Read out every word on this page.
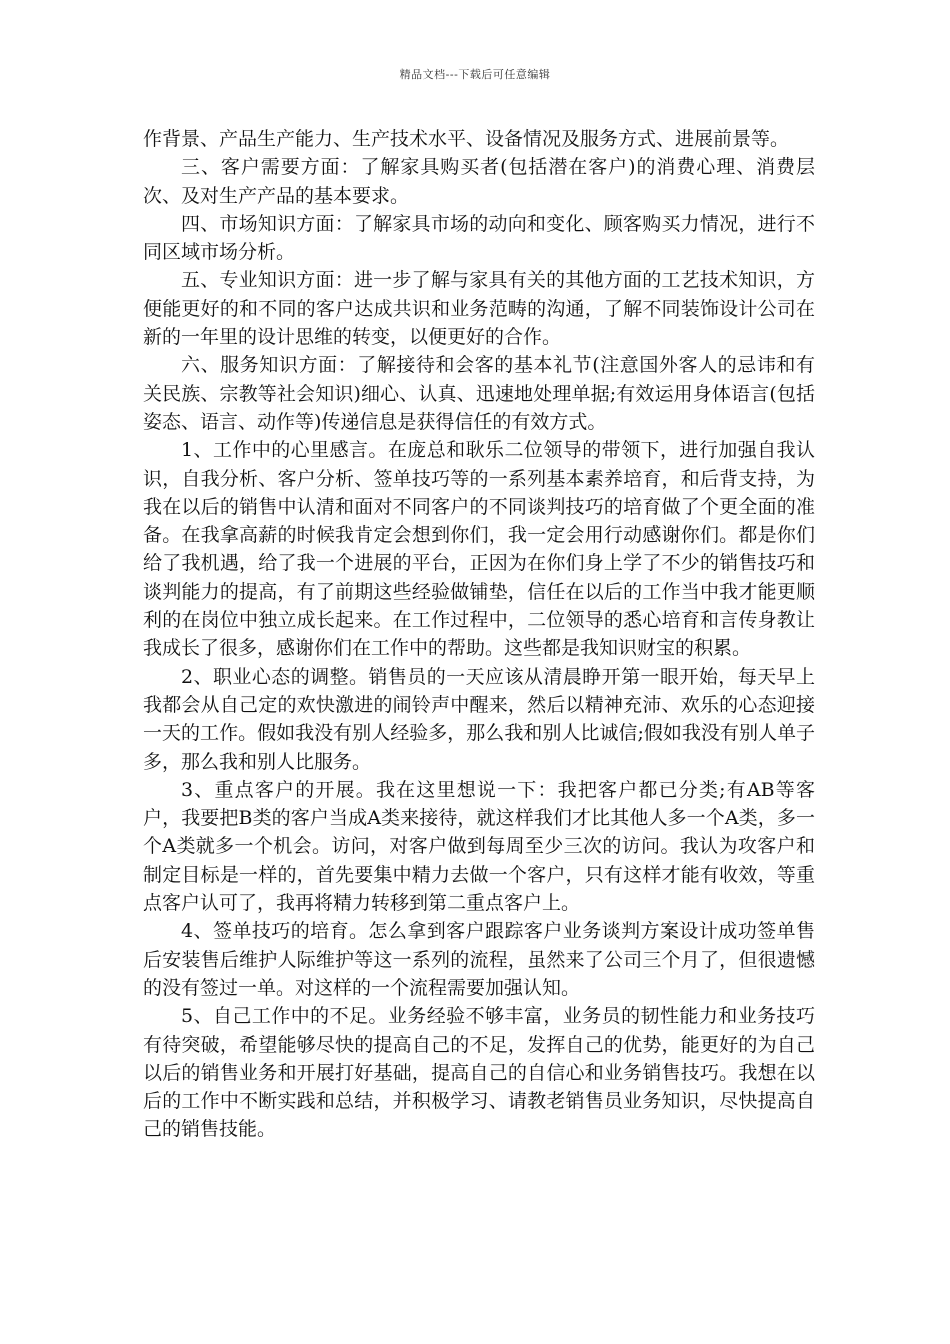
精品文档---下载后可任意编辑

作背景、产品生产能力、生产技术水平、设备情况及服务方式、进展前景等。

三、客户需要方面：了解家具购买者(包括潜在客户)的消费心理、消费层次、及对生产产品的基本要求。

四、市场知识方面：了解家具市场的动向和变化、顾客购买力情况，进行不同区域市场分析。

五、专业知识方面：进一步了解与家具有关的其他方面的工艺技术知识，方便能更好的和不同的客户达成共识和业务范畴的沟通，了解不同装饰设计公司在新的一年里的设计思维的转变，以便更好的合作。

六、服务知识方面：了解接待和会客的基本礼节(注意国外客人的忌讳和有关民族、宗教等社会知识)细心、认真、迅速地处理单据;有效运用身体语言(包括姿态、语言、动作等)传递信息是获得信任的有效方式。

1、工作中的心里感言。在庞总和耿乐二位领导的带领下，进行加强自我认识，自我分析、客户分析、签单技巧等的一系列基本素养培育，和后背支持，为我在以后的销售中认清和面对不同客户的不同谈判技巧的培育做了个更全面的准备。在我拿高薪的时候我肯定会想到你们，我一定会用行动感谢你们。都是你们给了我机遇，给了我一个进展的平台，正因为在你们身上学了不少的销售技巧和谈判能力的提高，有了前期这些经验做铺垫，信任在以后的工作当中我才能更顺利的在岗位中独立成长起来。在工作过程中，二位领导的悉心培育和言传身教让我成长了很多，感谢你们在工作中的帮助。这些都是我知识财宝的积累。

2、职业心态的调整。销售员的一天应该从清晨睁开第一眼开始，每天早上我都会从自己定的欢快激进的闹铃声中醒来，然后以精神充沛、欢乐的心态迎接一天的工作。假如我没有别人经验多，那么我和别人比诚信;假如我没有别人单子多，那么我和别人比服务。

3、重点客户的开展。我在这里想说一下：我把客户都已分类;有AB等客户，我要把B类的客户当成A类来接待，就这样我们才比其他人多一个A类，多一个A类就多一个机会。访问，对客户做到每周至少三次的访问。我认为攻客户和制定目标是一样的，首先要集中精力去做一个客户，只有这样才能有收效，等重点客户认可了，我再将精力转移到第二重点客户上。

4、签单技巧的培育。怎么拿到客户跟踪客户业务谈判方案设计成功签单售后安装售后维护人际维护等这一系列的流程，虽然来了公司三个月了，但很遗憾的没有签过一单。对这样的一个流程需要加强认知。

5、自己工作中的不足。业务经验不够丰富，业务员的韧性能力和业务技巧有待突破，希望能够尽快的提高自己的不足，发挥自己的优势，能更好的为自己以后的销售业务和开展打好基础，提高自己的自信心和业务销售技巧。我想在以后的工作中不断实践和总结，并积极学习、请教老销售员业务知识，尽快提高自己的销售技能。
